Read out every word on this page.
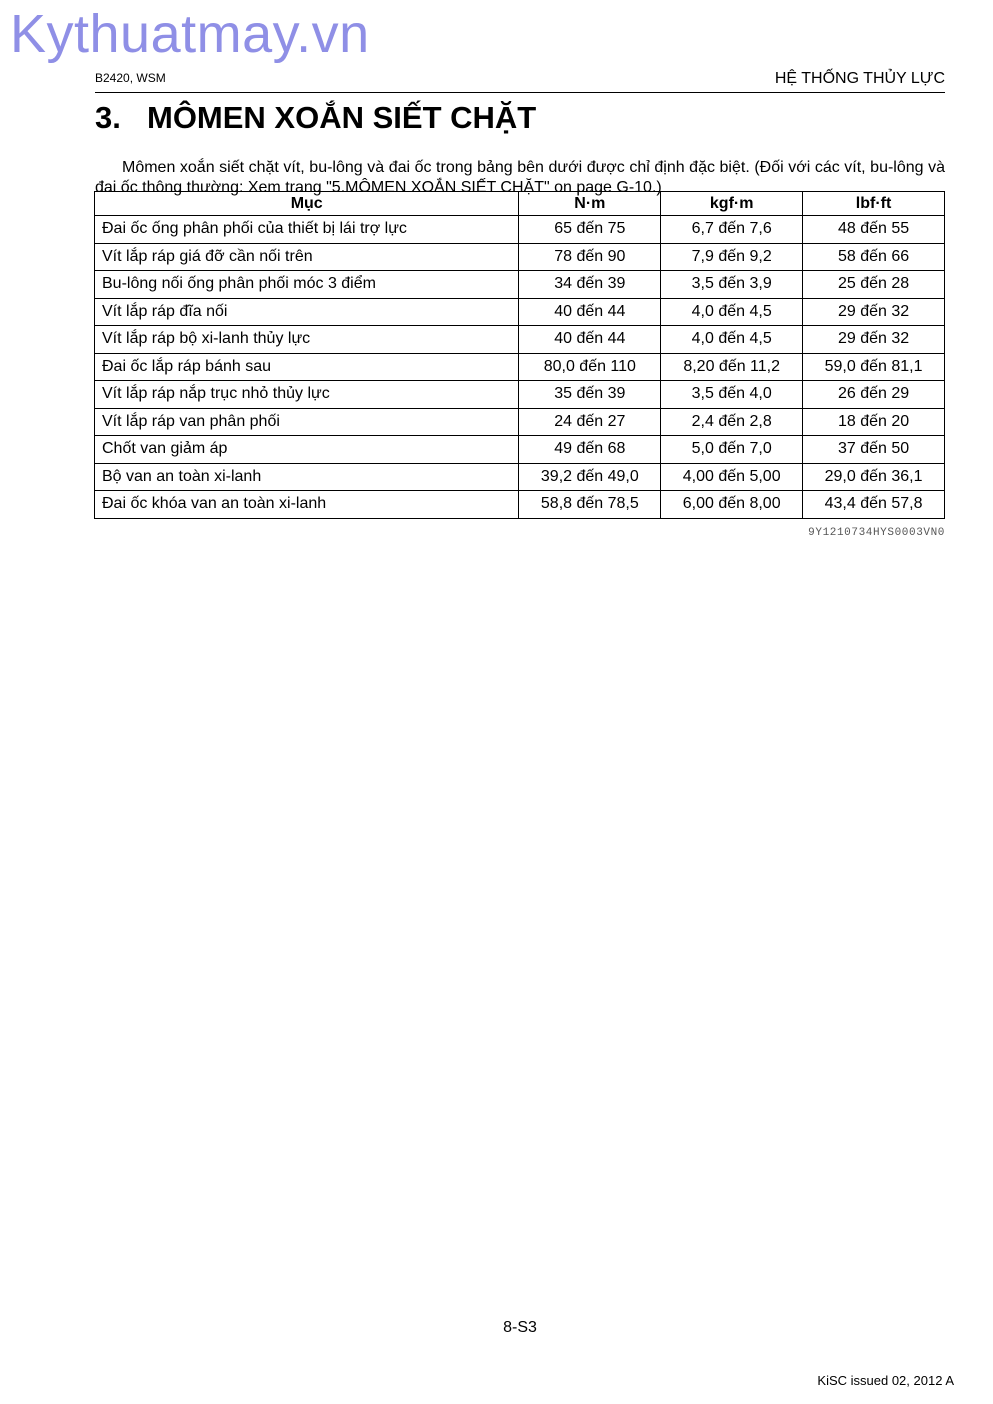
Kythuatmay.vn
B2420, WSM	HỆ THỐNG THỦY LỰC
3. MÔMEN XOẮN SIẾT CHẶT

Mômen xoắn siết chặt vít, bu-lông và đai ốc trong bảng bên dưới được chỉ định đặc biệt. (Đối với các vít, bu-lông và đai ốc thông thường: Xem trang "5.MÔMEN XOẮN SIẾT CHẶT" on page G-10.)

Mục	N·m	kgf·m	lbf·ft
Đai ốc ống phân phối của thiết bị lái trợ lực	65 đến 75	6,7 đến 7,6	48 đến 55
Vít lắp ráp giá đỡ cần nối trên	78 đến 90	7,9 đến 9,2	58 đến 66
Bu-lông nối ống phân phối móc 3 điểm	34 đến 39	3,5 đến 3,9	25 đến 28
Vít lắp ráp đĩa nối	40 đến 44	4,0 đến 4,5	29 đến 32
Vít lắp ráp bộ xi-lanh thủy lực	40 đến 44	4,0 đến 4,5	29 đến 32
Đai ốc lắp ráp bánh sau	80,0 đến 110	8,20 đến 11,2	59,0 đến 81,1
Vít lắp ráp nắp trục nhỏ thủy lực	35 đến 39	3,5 đến 4,0	26 đến 29
Vít lắp ráp van phân phối	24 đến 27	2,4 đến 2,8	18 đến 20
Chốt van giảm áp	49 đến 68	5,0 đến 7,0	37 đến 50
Bộ van an toàn xi-lanh	39,2 đến 49,0	4,00 đến 5,00	29,0 đến 36,1
Đai ốc khóa van an toàn xi-lanh	58,8 đến 78,5	6,00 đến 8,00	43,4 đến 57,8
9Y1210734HYS0003VN0
8-S3
KiSC issued 02, 2012 A
